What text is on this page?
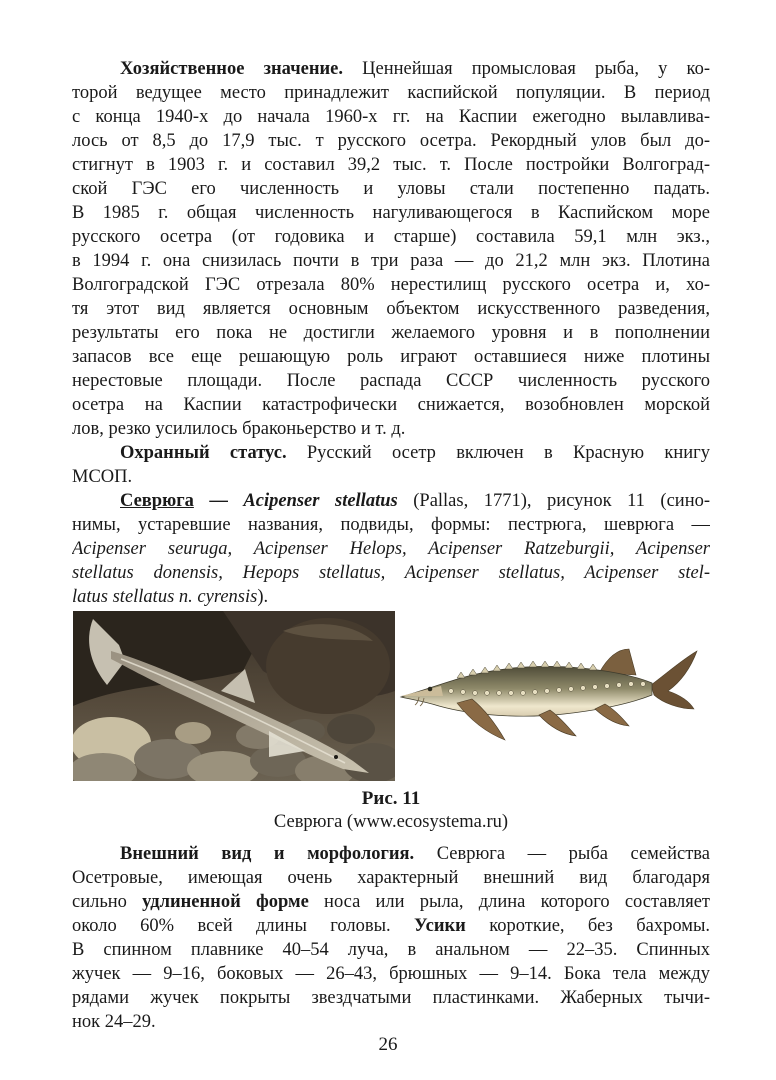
Хозяйственное значение. Ценнейшая промысловая рыба, у ко-
торой ведущее место принадлежит каспийской популяции. В период
с конца 1940-х до начала 1960-х гг. на Каспии ежегодно вылавлива-
лось от 8,5 до 17,9 тыс. т русского осетра. Рекордный улов был до-
стигнут в 1903 г. и составил 39,2 тыс. т. После постройки Волгоград-
ской ГЭС его численность и уловы стали постепенно падать.
В 1985 г. общая численность нагуливающегося в Каспийском море
русского осетра (от годовика и старше) составила 59,1 млн экз.,
в 1994 г. она снизилась почти в три раза — до 21,2 млн экз. Плотина
Волгоградской ГЭС отрезала 80% нерестилищ русского осетра и, хо-
тя этот вид является основным объектом искусственного разведения,
результаты его пока не достигли желаемого уровня и в пополнении
запасов все еще решающую роль играют оставшиеся ниже плотины
нерестовые площади. После распада СССР численность русского
осетра на Каспии катастрофически снижается, возобновлен морской
лов, резко усилилось браконьерство и т. д.
Охранный статус. Русский осетр включен в Красную книгу
МСОП.
Севрюга — Acipenser stellatus (Pallas, 1771), рисунок 11 (сино-
нимы, устаревшие названия, подвиды, формы: пестрюга, шеврюга —
Acipenser seuruga, Acipenser Helops, Acipenser Ratzeburgii, Acipenser
stellatus donensis, Hepops stellatus, Acipenser stellatus, Acipenser stel-
latus stellatus n. cyrensis).
Рис. 11
Севрюга (www.ecosystema.ru)
Внешний вид и морфология. Севрюга — рыба семейства
Осетровые, имеющая очень характерный внешний вид благодаря
сильно удлиненной форме носа или рыла, длина которого составляет
около 60% всей длины головы. Усики короткие, без бахромы.
В спинном плавнике 40–54 луча, в анальном — 22–35. Спинных
жучек — 9–16, боковых — 26–43, брюшных — 9–14. Бока тела между
рядами жучек покрыты звездчатыми пластинками. Жаберных тычи-
нок 24–29.
26
